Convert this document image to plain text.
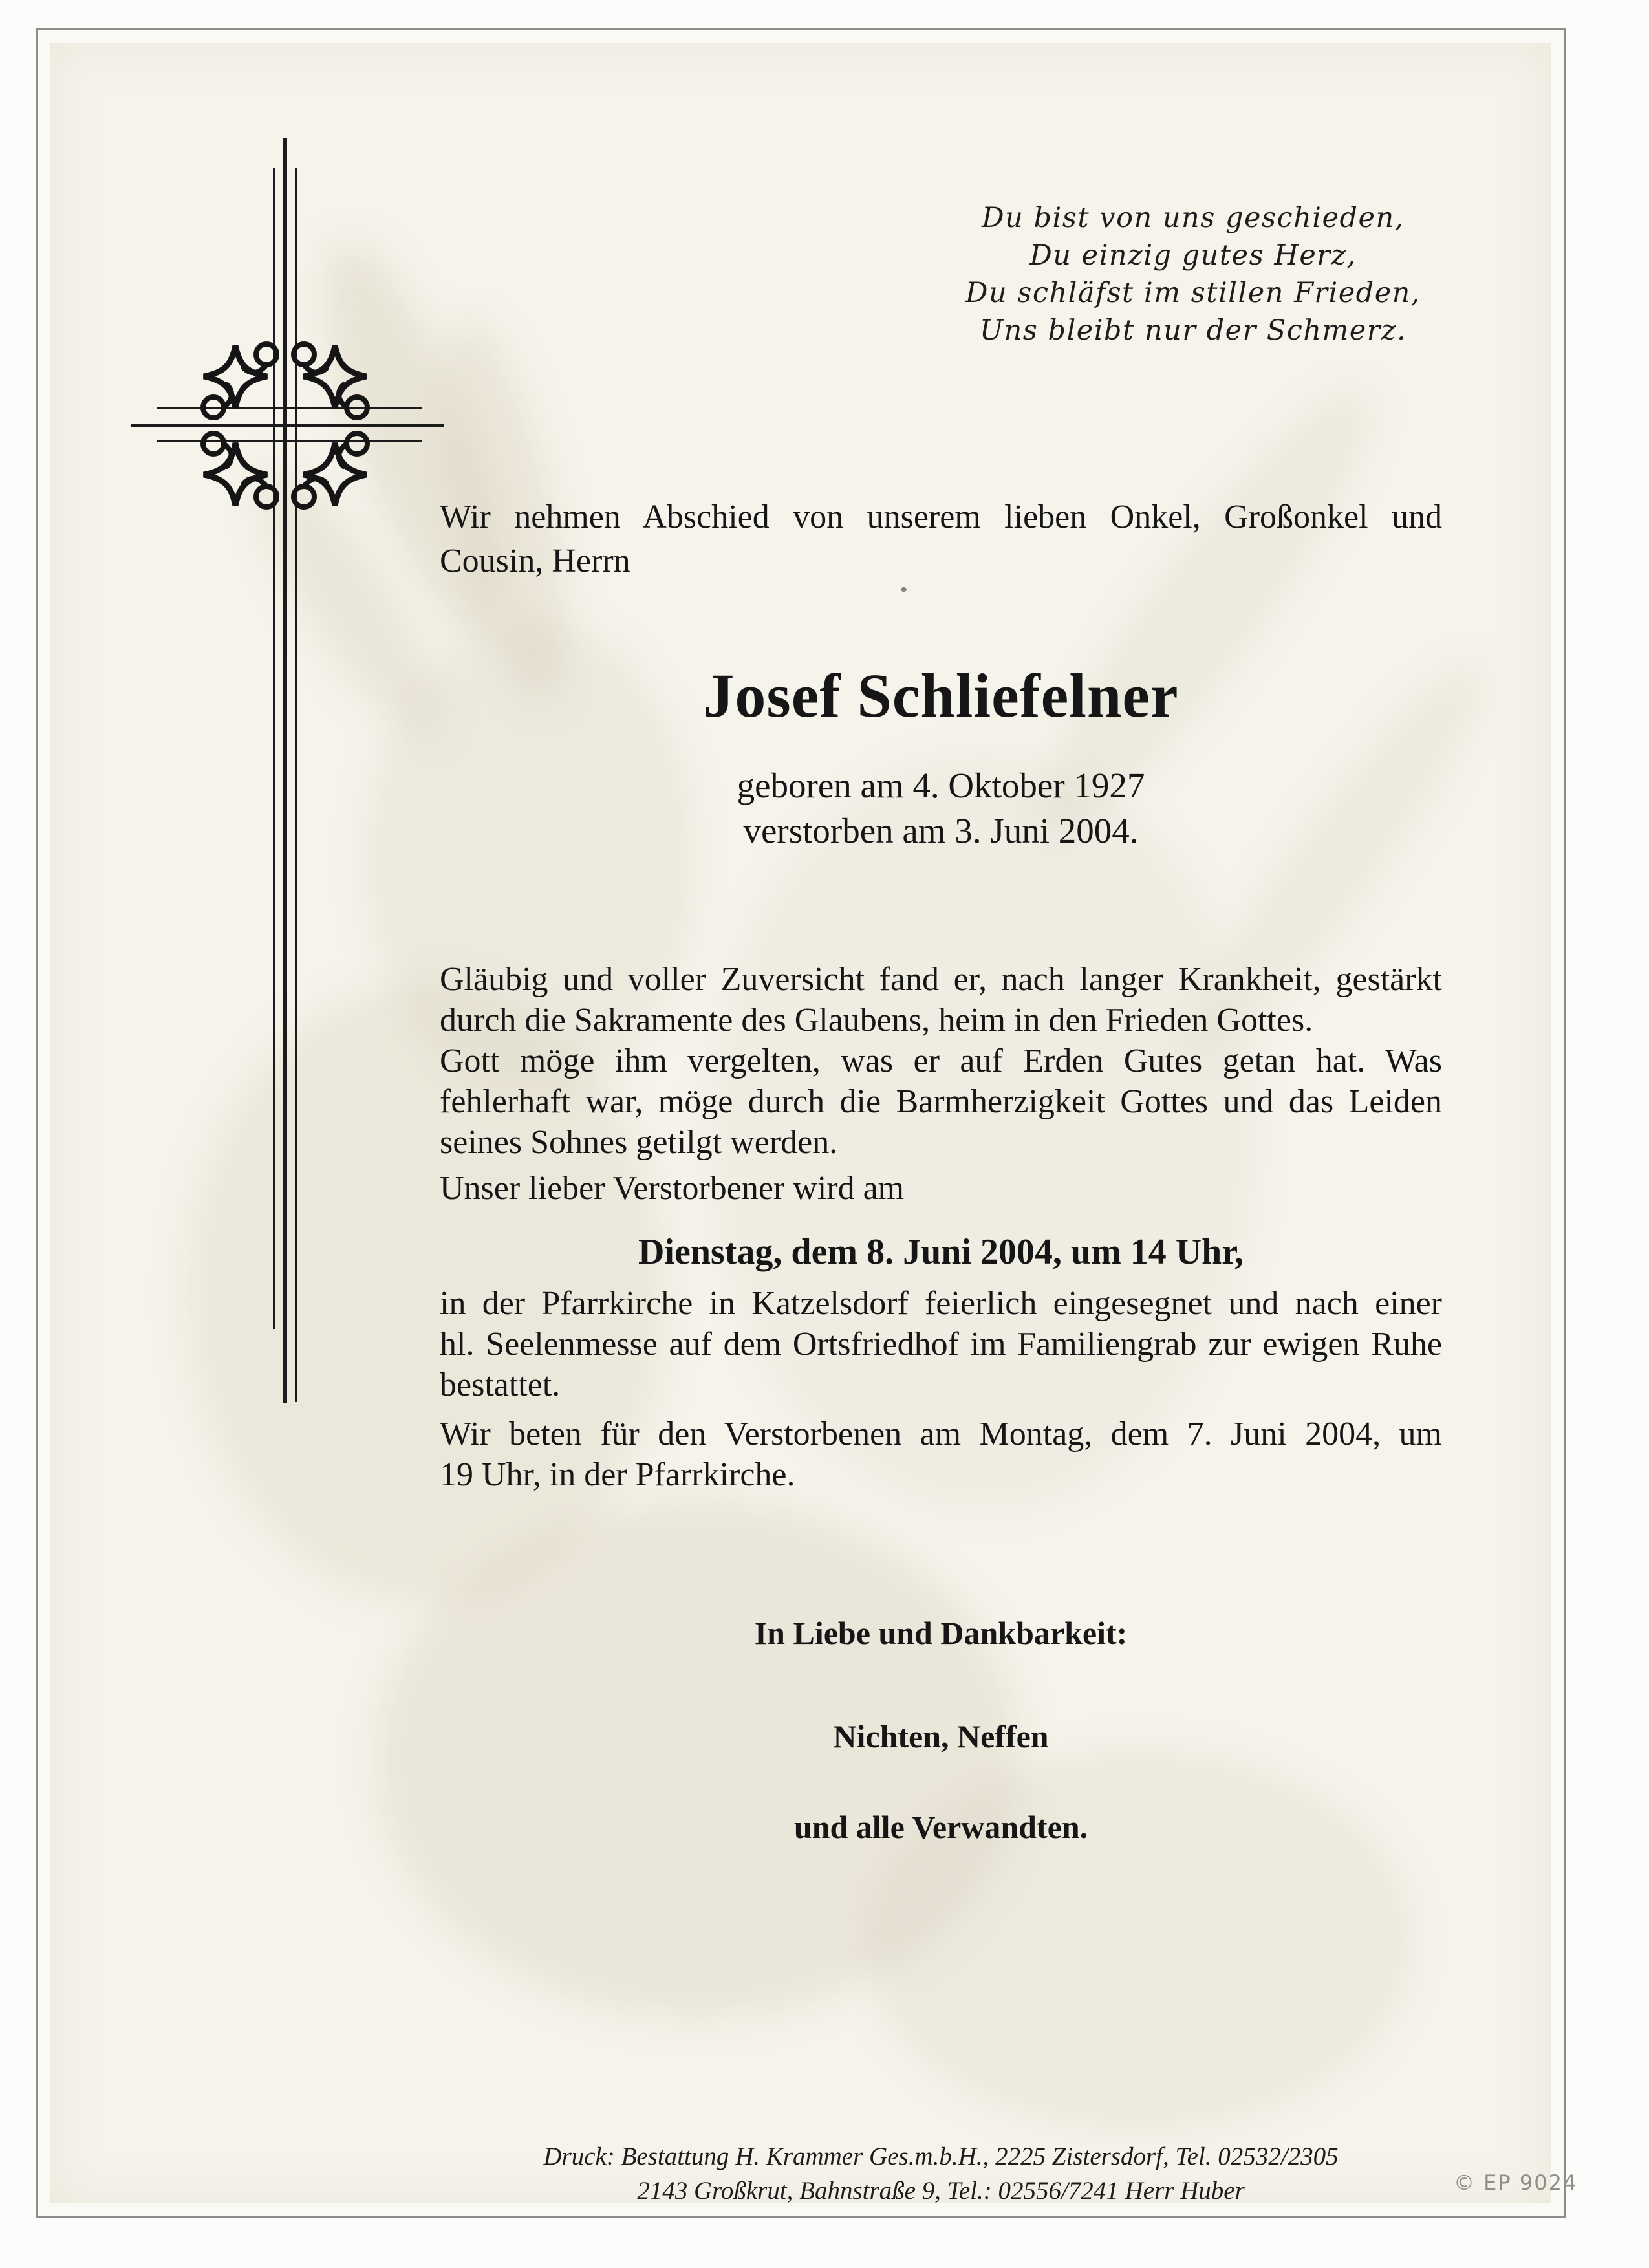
Du bist von uns geschieden,
Du einzig gutes Herz,
Du schläfst im stillen Frieden,
Uns bleibt nur der Schmerz.
Wir nehmen Abschied von unserem lieben Onkel, Großonkel und
Cousin, Herrn
Josef Schliefelner
geboren am 4. Oktober 1927
verstorben am 3. Juni 2004.
Gläubig und voller Zuversicht fand er, nach langer Krankheit, gestärkt
durch die Sakramente des Glaubens, heim in den Frieden Gottes.
Gott möge ihm vergelten, was er auf Erden Gutes getan hat. Was
fehlerhaft war, möge durch die Barmherzigkeit Gottes und das Leiden
seines Sohnes getilgt werden.
Unser lieber Verstorbener wird am
Dienstag, dem 8. Juni 2004, um 14 Uhr,
in der Pfarrkirche in Katzelsdorf feierlich eingesegnet und nach einer
hl. Seelenmesse auf dem Ortsfriedhof im Familiengrab zur ewigen Ruhe
bestattet.
Wir beten für den Verstorbenen am Montag, dem 7. Juni 2004, um
19 Uhr, in der Pfarrkirche.
In Liebe und Dankbarkeit:
Nichten, Neffen
und alle Verwandten.
Druck: Bestattung H. Krammer Ges.m.b.H., 2225 Zistersdorf, Tel. 02532/2305
2143 Großkrut, Bahnstraße 9, Tel.: 02556/7241 Herr Huber	© EP 9024
